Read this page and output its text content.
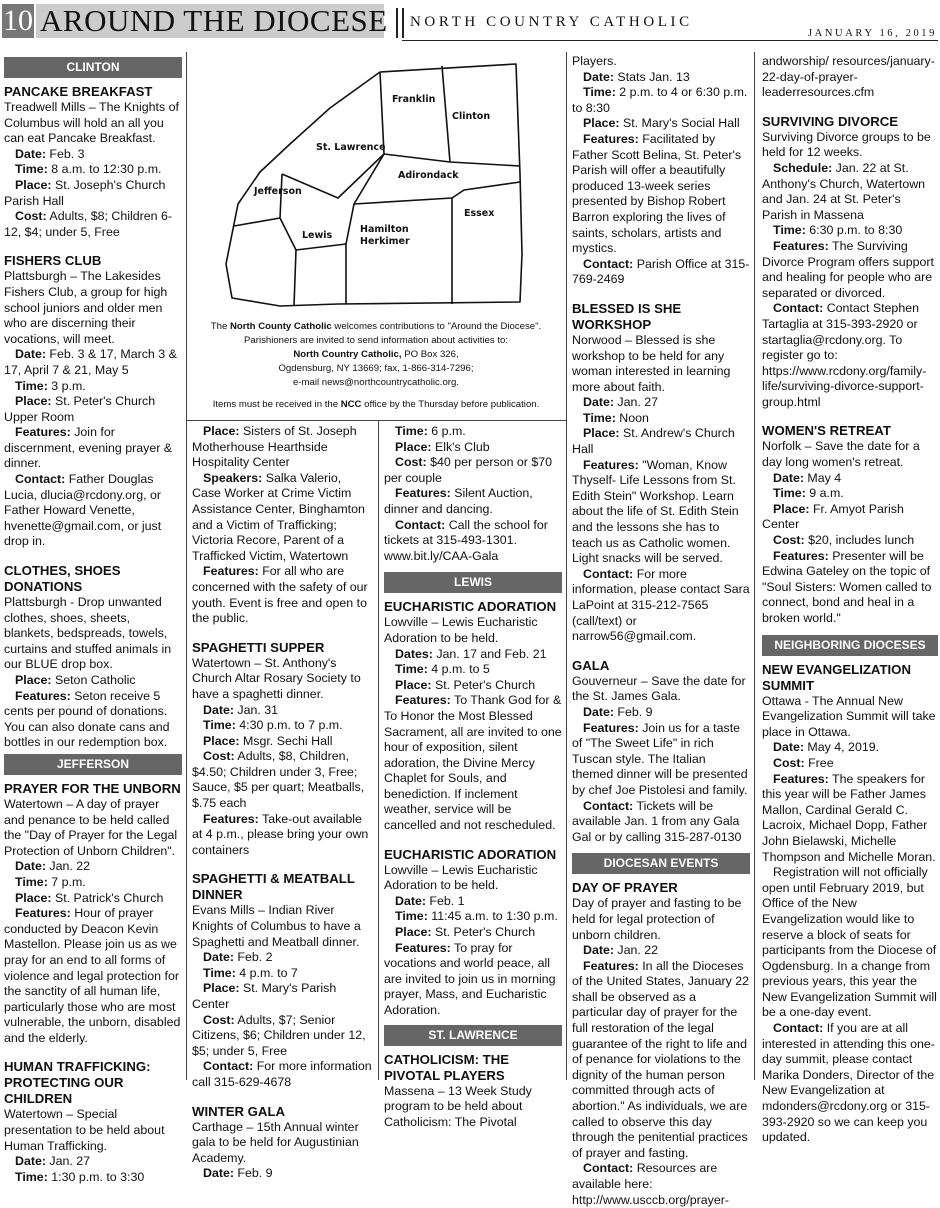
10 AROUND THE DIOCESE NORTH COUNTRY CATHOLIC
JANUARY 16, 2019
Franklin
Clinton
St. Lawrence
Adirondack
Jefferson
Essex
Lewis
Hamilton
Herkimer

The North County Catholic welcomes contributions to "Around the Diocese".

Parishioners are invited to send information about activities to:

North Country Catholic, PO Box 326,

Ogdensburg, NY 13669; fax, 1-866-314-7296;

e-mail news@northcountrycatholic.org.

Items must be received in the NCC office by the Thursday before publication.

CLINTON
PANCAKE BREAKFAST

Treadwell Mills – The Knights of Columbus will hold an all you can eat Pancake Breakfast.

Date: Feb. 3

Time: 8 a.m. to 12:30 p.m.

Place: St. Joseph's Church Parish Hall

Cost: Adults, $8; Children 6-12, $4; under 5, Free

FISHERS CLUB

Plattsburgh – The Lakesides Fishers Club, a group for high school juniors and older men who are discerning their vocations, will meet.

Date: Feb. 3 & 17, March 3 & 17, April 7 & 21, May 5

Time: 3 p.m.

Place: St. Peter's Church Upper Room

Features: Join for discernment, evening prayer & dinner.

Contact: Father Douglas Lucia, dlucia@rcdony.org, or Father Howard Venette, hvenette@gmail.com, or just drop in.

CLOTHES, SHOES DONATIONS

Plattsburgh - Drop unwanted clothes, shoes, sheets, blankets, bedspreads, towels, curtains and stuffed animals in our BLUE drop box.

Place: Seton Catholic

Features: Seton receive 5 cents per pound of donations. You can also donate cans and bottles in our redemption box.

JEFFERSON
PRAYER FOR THE UNBORN

Watertown – A day of prayer and penance to be held called the "Day of Prayer for the Legal Protection of Unborn Children".

Date: Jan. 22

Time: 7 p.m.

Place: St. Patrick's Church

Features: Hour of prayer conducted by Deacon Kevin Mastellon. Please join us as we pray for an end to all forms of violence and legal protection for the sanctity of all human life, particularly those who are most vulnerable, the unborn, disabled and the elderly.

HUMAN TRAFFICKING: PROTECTING OUR CHILDREN

Watertown – Special presentation to be held about Human Trafficking.

Date: Jan. 27

Time: 1:30 p.m. to 3:30

Place: Sisters of St. Joseph Motherhouse Hearthside Hospitality Center

Speakers: Salka Valerio, Case Worker at Crime Victim Assistance Center, Binghamton and a Victim of Trafficking; Victoria Recore, Parent of a Trafficked Victim, Watertown

Features: For all who are concerned with the safety of our youth. Event is free and open to the public.

SPAGHETTI SUPPER

Watertown – St. Anthony's Church Altar Rosary Society to have a spaghetti dinner.

Date: Jan. 31

Time: 4:30 p.m. to 7 p.m.

Place: Msgr. Sechi Hall

Cost: Adults, $8, Children, $4.50; Children under 3, Free; Sauce, $5 per quart; Meatballs, $.75 each

Features: Take-out available at 4 p.m., please bring your own containers

SPAGHETTI & MEATBALL DINNER

Evans Mills – Indian River Knights of Columbus to have a Spaghetti and Meatball dinner.

Date: Feb. 2

Time: 4 p.m. to 7

Place: St. Mary's Parish Center

Cost: Adults, $7; Senior Citizens, $6; Children under 12, $5; under 5, Free

Contact: For more information call 315-629-4678

WINTER GALA

Carthage – 15th Annual winter gala to be held for Augustinian Academy.

Date: Feb. 9

Time: 6 p.m.

Place: Elk's Club

Cost: $40 per person or $70 per couple

Features: Silent Auction, dinner and dancing.

Contact: Call the school for tickets at 315-493-1301. www.bit.ly/CAA-Gala

LEWIS
EUCHARISTIC ADORATION

Lowville – Lewis Eucharistic Adoration to be held.

Dates: Jan. 17 and Feb. 21

Time: 4 p.m. to 5

Place: St. Peter's Church

Features: To Thank God for & To Honor the Most Blessed Sacrament, all are invited to one hour of exposition, silent adoration, the Divine Mercy Chaplet for Souls, and benediction. If inclement weather, service will be cancelled and not rescheduled.

EUCHARISTIC ADORATION

Lowville – Lewis Eucharistic Adoration to be held.

Date: Feb. 1

Time: 11:45 a.m. to 1:30 p.m.

Place: St. Peter's Church

Features: To pray for vocations and world peace, all are invited to join us in morning prayer, Mass, and Eucharistic Adoration.

ST. LAWRENCE
CATHOLICISM: THE PIVOTAL PLAYERS

Massena – 13 Week Study program to be held about Catholicism: The Pivotal

Players.

Date: Stats Jan. 13

Time: 2 p.m. to 4 or 6:30 p.m. to 8:30

Place: St. Mary's Social Hall

Features: Facilitated by Father Scott Belina, St. Peter's Parish will offer a beautifully produced 13-week series presented by Bishop Robert Barron exploring the lives of saints, scholars, artists and mystics.

Contact: Parish Office at 315-769-2469

BLESSED IS SHE WORKSHOP

Norwood – Blessed is she workshop to be held for any woman interested in learning more about faith.

Date: Jan. 27

Time: Noon

Place: St. Andrew's Church Hall

Features: "Woman, Know Thyself- Life Lessons from St. Edith Stein" Workshop. Learn about the life of St. Edith Stein and the lessons she has to teach us as Catholic women. Light snacks will be served.

Contact: For more information, please contact Sara LaPoint at 315-212-7565 (call/text) or narrow56@gmail.com.

GALA

Gouverneur – Save the date for the St. James Gala.

Date: Feb. 9

Features: Join us for a taste of "The Sweet Life" in rich Tuscan style. The Italian themed dinner will be presented by chef Joe Pistolesi and family.

Contact: Tickets will be available Jan. 1 from any Gala Gal or by calling 315-287-0130

DIOCESAN EVENTS
DAY OF PRAYER

Day of prayer and fasting to be held for legal protection of unborn children.

Date: Jan. 22

Features: In all the Dioceses of the United States, January 22 shall be observed as a particular day of prayer for the full restoration of the legal guarantee of the right to life and of penance for violations to the dignity of the human person committed through acts of abortion." As individuals, we are called to observe this day through the penitential practices of prayer and fasting.

Contact: Resources are available here: http://www.usccb.org/prayer-

andworship/ resources/january-22-day-of-prayer-leaderresources.cfm

SURVIVING DIVORCE

Surviving Divorce groups to be held for 12 weeks.

Schedule: Jan. 22 at St. Anthony's Church, Watertown and Jan. 24 at St. Peter's Parish in Massena

Time: 6:30 p.m. to 8:30

Features: The Surviving Divorce Program offers support and healing for people who are separated or divorced.

Contact: Contact Stephen Tartaglia at 315-393-2920 or startaglia@rcdony.org. To register go to: https://www.rcdony.org/family-life/surviving-divorce-support-group.html

WOMEN'S RETREAT

Norfolk – Save the date for a day long women's retreat.

Date: May 4

Time: 9 a.m.

Place: Fr. Amyot Parish Center

Cost: $20, includes lunch

Features: Presenter will be Edwina Gateley on the topic of "Soul Sisters: Women called to connect, bond and heal in a broken world."

NEIGHBORING DIOCESES
NEW EVANGELIZATION SUMMIT

Ottawa - The Annual New Evangelization Summit will take place in Ottawa.

Date: May 4, 2019.

Cost: Free

Features: The speakers for this year will be Father James Mallon, Cardinal Gerald C. Lacroix, Michael Dopp, Father John Bielawski, Michelle Thompson and Michelle Moran.

Registration will not officially open until February 2019, but Office of the New Evangelization would like to reserve a block of seats for participants from the Diocese of Ogdensburg. In a change from previous years, this year the New Evangelization Summit will be a one-day event.

Contact: If you are at all interested in attending this one-day summit, please contact Marika Donders, Director of the New Evangelization at mdonders@rcdony.org or 315-393-2920 so we can keep you updated.
